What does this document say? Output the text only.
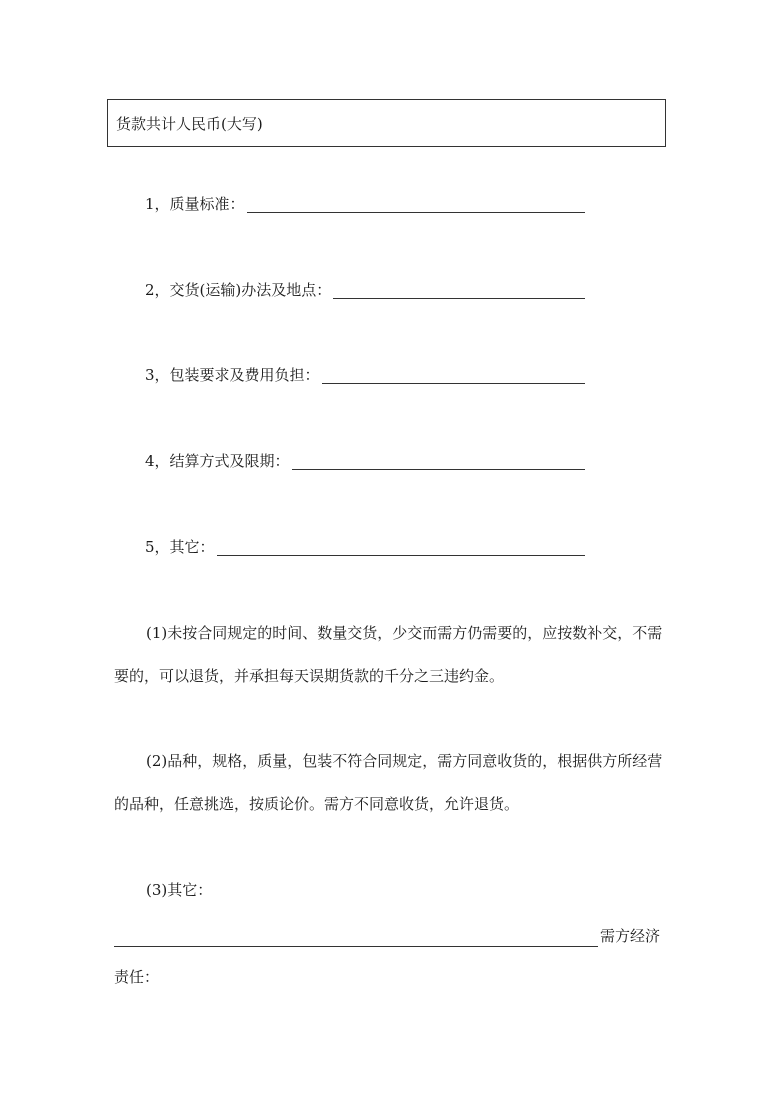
货款共计人民币(大写)
1，质量标准：
2，交货(运输)办法及地点：
3，包装要求及费用负担：
4，结算方式及限期：
5，其它：
(1)未按合同规定的时间、数量交货，少交而需方仍需要的，应按数补交，不需
要的，可以退货，并承担每天误期货款的千分之三违约金。
(2)品种，规格，质量，包装不符合同规定，需方同意收货的，根据供方所经营
的品种，任意挑选，按质论价。需方不同意收货，允许退货。
(3)其它：
需方经济
责任：
